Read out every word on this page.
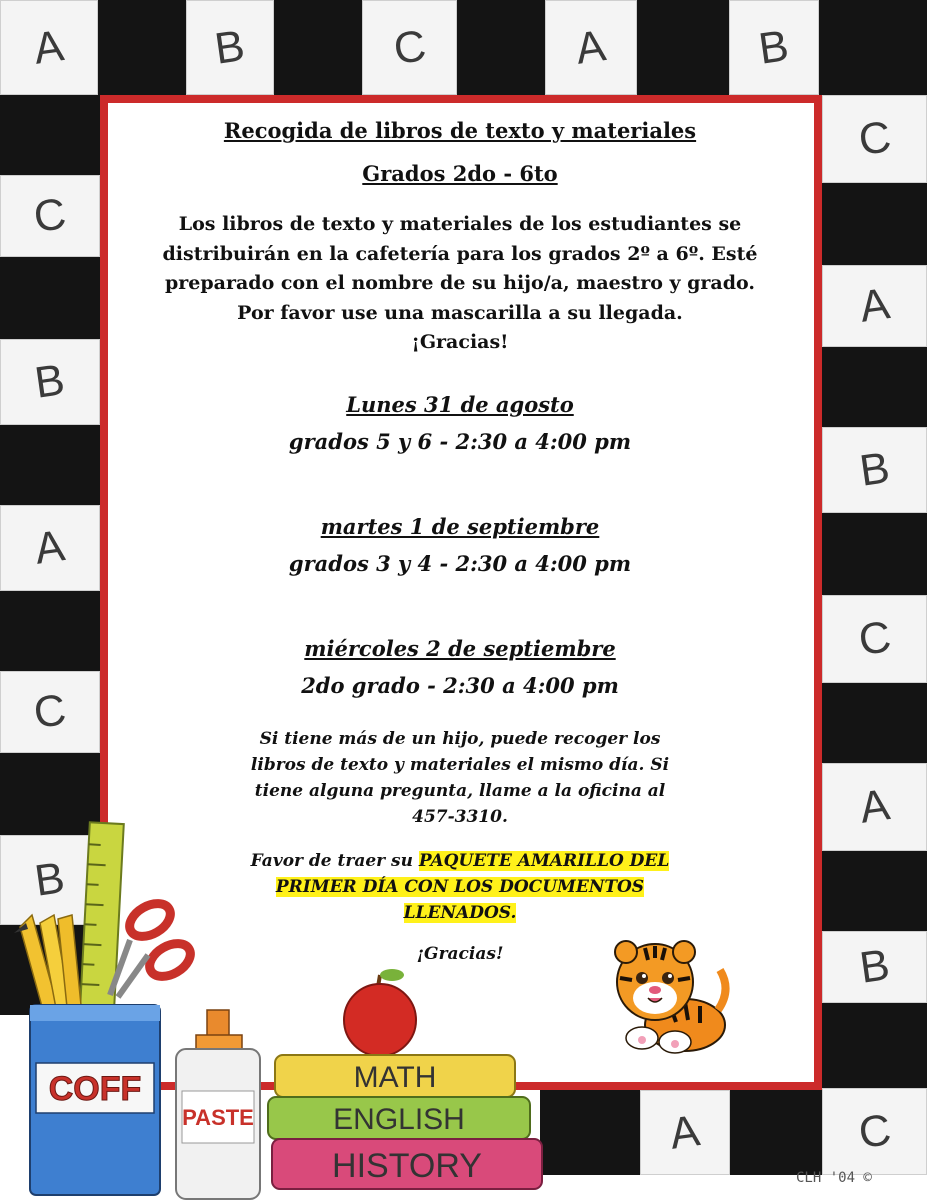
A	B	C	A	B
C
B
A
C
B
C
A
B
C
A
B
A	C
Recogida de libros de texto y materiales
Grados 2do - 6to
Los libros de texto y materiales de los estudiantes se
distribuirán en la cafetería para los grados 2º a 6º. Esté
preparado con el nombre de su hijo/a, maestro y grado.
Por favor use una mascarilla a su llegada.
¡Gracias!
Lunes 31 de agosto
grados 5 y 6 - 2:30 a 4:00 pm
martes 1 de septiembre
grados 3 y 4 - 2:30 a 4:00 pm
miércoles 2 de septiembre
2do grado - 2:30 a 4:00 pm
Si tiene más de un hijo, puede recoger los
libros de texto y materiales el mismo día. Si
tiene alguna pregunta, llame a la oficina al
457-3310.
Favor de traer su PAQUETE AMARILLO DEL
PRIMER DÍA CON LOS DOCUMENTOS
LLENADOS.
¡Gracias!
COFF
PASTE
MATH
ENGLISH
HISTORY	CLH '04 ©
